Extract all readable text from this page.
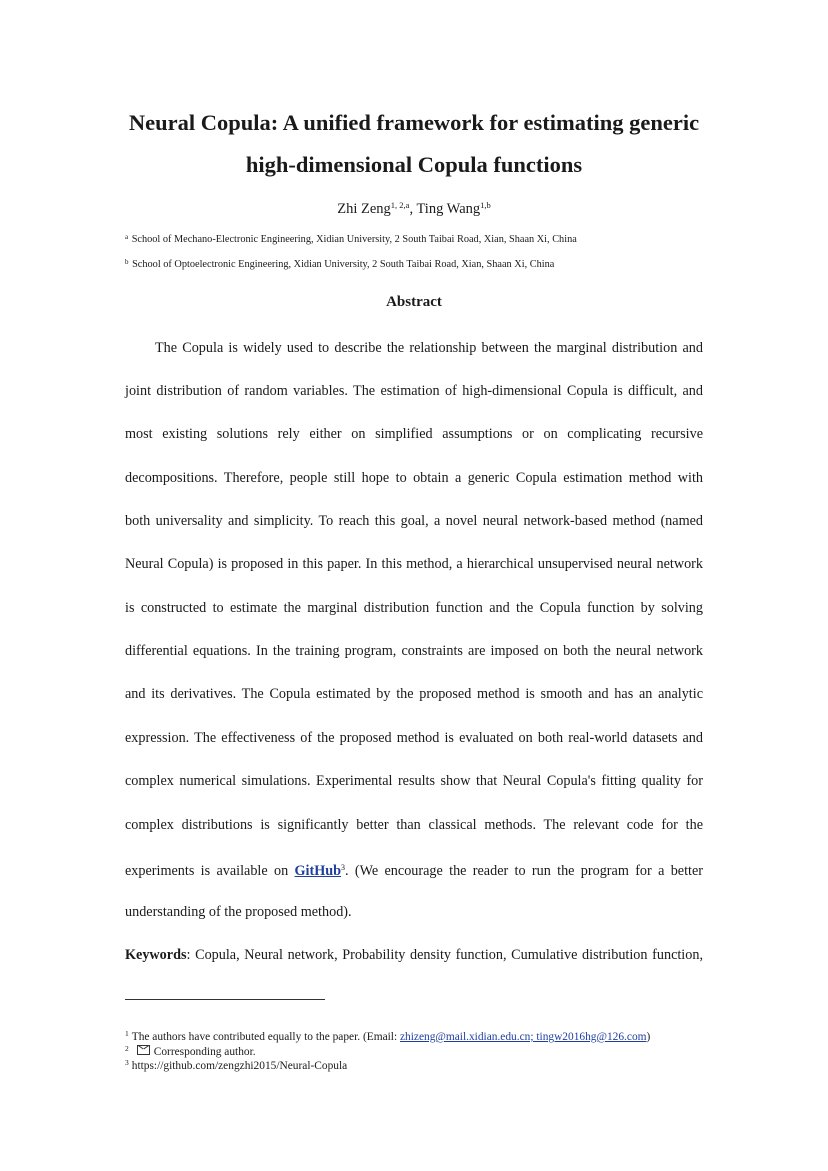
Neural Copula: A unified framework for estimating generic
high-dimensional Copula functions
Zhi Zeng$^{1, 2,a}$, Ting Wang$^{1,b}$
$^a$ School of Mechano-Electronic Engineering, Xidian University, 2 South Taibai Road, Xian, Shaan Xi, China
$^b$ School of Optoelectronic Engineering, Xidian University, 2 South Taibai Road, Xian, Shaan Xi, China
Abstract
The Copula is widely used to describe the relationship between the marginal distribution and
joint distribution of random variables. The estimation of high-dimensional Copula is difficult, and
most existing solutions rely either on simplified assumptions or on complicating recursive
decompositions. Therefore, people still hope to obtain a generic Copula estimation method with
both universality and simplicity. To reach this goal, a novel neural network-based method (named
Neural Copula) is proposed in this paper. In this method, a hierarchical unsupervised neural network
is constructed to estimate the marginal distribution function and the Copula function by solving
differential equations. In the training program, constraints are imposed on both the neural network
and its derivatives. The Copula estimated by the proposed method is smooth and has an analytic
expression. The effectiveness of the proposed method is evaluated on both real-world datasets and
complex numerical simulations. Experimental results show that Neural Copula's fitting quality for
complex distributions is significantly better than classical methods. The relevant code for the
experiments is available on GitHub$^3$. (We encourage the reader to run the program for a better
understanding of the proposed method).
Keywords: Copula, Neural network, Probability density function, Cumulative distribution function,
$^1$ The authors have contributed equally to the paper. (Email: zhizeng@mail.xidian.edu.cn; tingw2016hg@126.com)
$^2$ Corresponding author.
$^3$ https://github.com/zengzhi2015/Neural-Copula
